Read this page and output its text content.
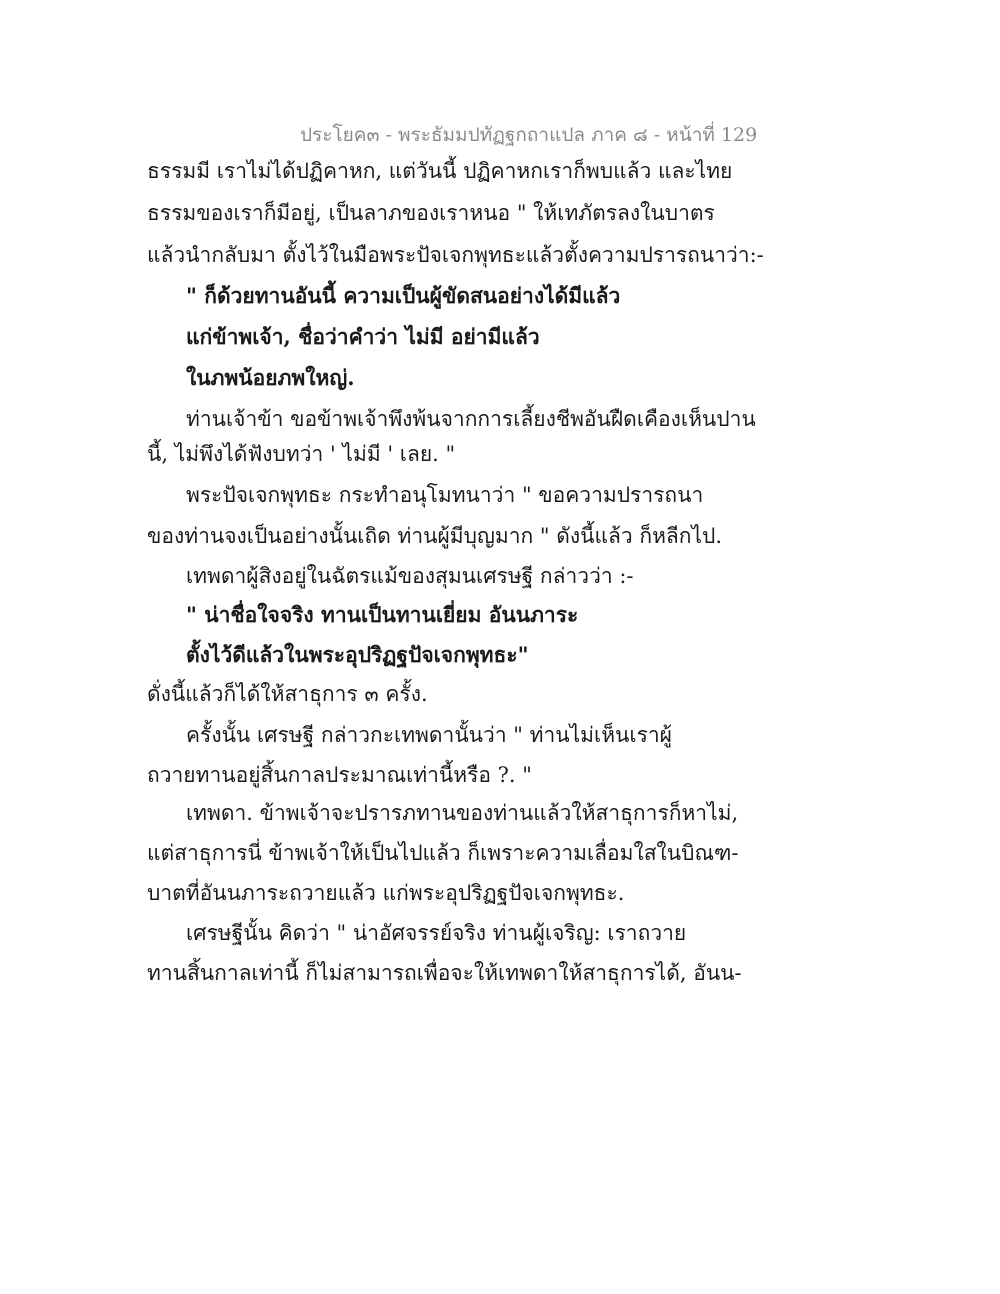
ประโยค๓ - พระธัมมปทัฏฐกถาแปล ภาค ๘ - หน้าที่ 129
ธรรมมี เราไม่ได้ปฏิคาหก, แต่วันนี้ ปฏิคาหกเราก็พบแล้ว และไทย
ธรรมของเราก็มีอยู่, เป็นลาภของเราหนอ " ให้เทภัตรลงในบาตร
แล้วนำกลับมา ตั้งไว้ในมือพระปัจเจกพุทธะแล้วตั้งความปรารถนาว่า:-
" ก็ด้วยทานอันนี้ ความเป็นผู้ขัดสนอย่างได้มีแล้ว
แก่ข้าพเจ้า, ชื่อว่าคำว่า ไม่มี อย่ามีแล้ว
ในภพน้อยภพใหญ่.
ท่านเจ้าข้า ขอข้าพเจ้าพึงพ้นจากการเลี้ยงชีพอันฝืดเคืองเห็นปาน
นี้, ไม่พึงได้ฟังบทว่า ' ไม่มี ' เลย. "
พระปัจเจกพุทธะ กระทำอนุโมทนาว่า " ขอความปรารถนา
ของท่านจงเป็นอย่างนั้นเถิด ท่านผู้มีบุญมาก " ดังนี้แล้ว ก็หลีกไป.
เทพดาผู้สิงอยู่ในฉัตรแม้ของสุมนเศรษฐี กล่าวว่า :-
" น่าชื่อใจจริง ทานเป็นทานเยี่ยม อันนภาระ
ตั้งไว้ดีแล้วในพระอุปริฏฐปัจเจกพุทธะ"
ดั่งนี้แล้วก็ได้ให้สาธุการ ๓ ครั้ง.
ครั้งนั้น เศรษฐี กล่าวกะเทพดานั้นว่า " ท่านไม่เห็นเราผู้
ถวายทานอยู่สิ้นกาลประมาณเท่านี้หรือ ?. "
เทพดา. ข้าพเจ้าจะปรารภทานของท่านแล้วให้สาธุการก็หาไม่,
แต่สาธุการนี่ ข้าพเจ้าให้เป็นไปแล้ว ก็เพราะความเลื่อมใสในบิณฑ-
บาตที่อันนภาระถวายแล้ว แก่พระอุปริฏฐปัจเจกพุทธะ.
เศรษฐีนั้น คิดว่า " น่าอัศจรรย์จริง ท่านผู้เจริญ: เราถวาย
ทานสิ้นกาลเท่านี้ ก็ไม่สามารถเพื่อจะให้เทพดาให้สาธุการได้, อันน-
